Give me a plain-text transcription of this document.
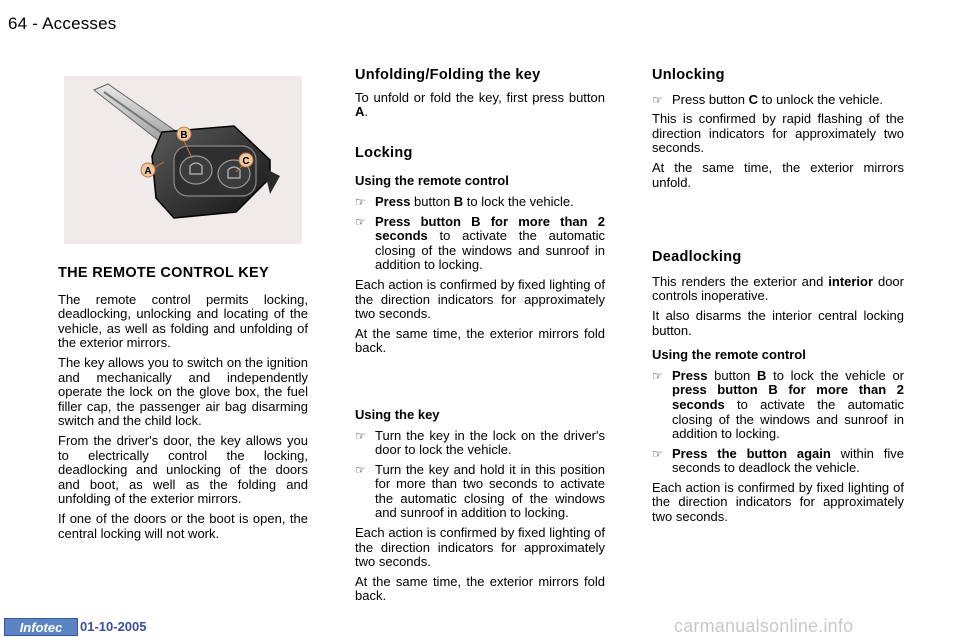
64 - Accesses
B
A
C
THE REMOTE CONTROL KEY

The remote control permits locking, deadlocking, unlocking and locating of the vehicle, as well as folding and unfolding of the exterior mirrors.

The key allows you to switch on the ignition and mechanically and independently operate the lock on the glove box, the fuel filler cap, the passenger air bag disarming switch and the child lock.

From the driver's door, the key allows you to electrically control the locking, deadlocking and unlocking of the doors and boot, as well as the folding and unfolding of the exterior mirrors.

If one of the doors or the boot is open, the central locking will not work.

Unfolding/Folding the key

To unfold or fold the key, first press button A.

Locking
Using the remote control
☞ Press button B to lock the vehicle.
☞ Press button B for more than 2 seconds to activate the automatic closing of the windows and sunroof in addition to locking.

Each action is confirmed by fixed lighting of the direction indicators for approximately two seconds.

At the same time, the exterior mirrors fold back.

Using the key
☞ Turn the key in the lock on the driver's door to lock the vehicle.
☞ Turn the key and hold it in this position for more than two seconds to activate the automatic closing of the windows and sunroof in addition to locking.

Each action is confirmed by fixed lighting of the direction indicators for approximately two seconds.

At the same time, the exterior mirrors fold back.

Unlocking
☞ Press button C to unlock the vehicle.

This is confirmed by rapid flashing of the direction indicators for approximately two seconds.

At the same time, the exterior mirrors unfold.

Deadlocking

This renders the exterior and interior door controls inoperative.

It also disarms the interior central locking button.

Using the remote control
☞ Press button B to lock the vehicle or press button B for more than 2 seconds to activate the automatic closing of the windows and sunroof in addition to locking.
☞ Press the button again within five seconds to deadlock the vehicle.

Each action is confirmed by fixed lighting of the direction indicators for approximately two seconds.

Infotec	01-10-2005	carmanualsonline.info
